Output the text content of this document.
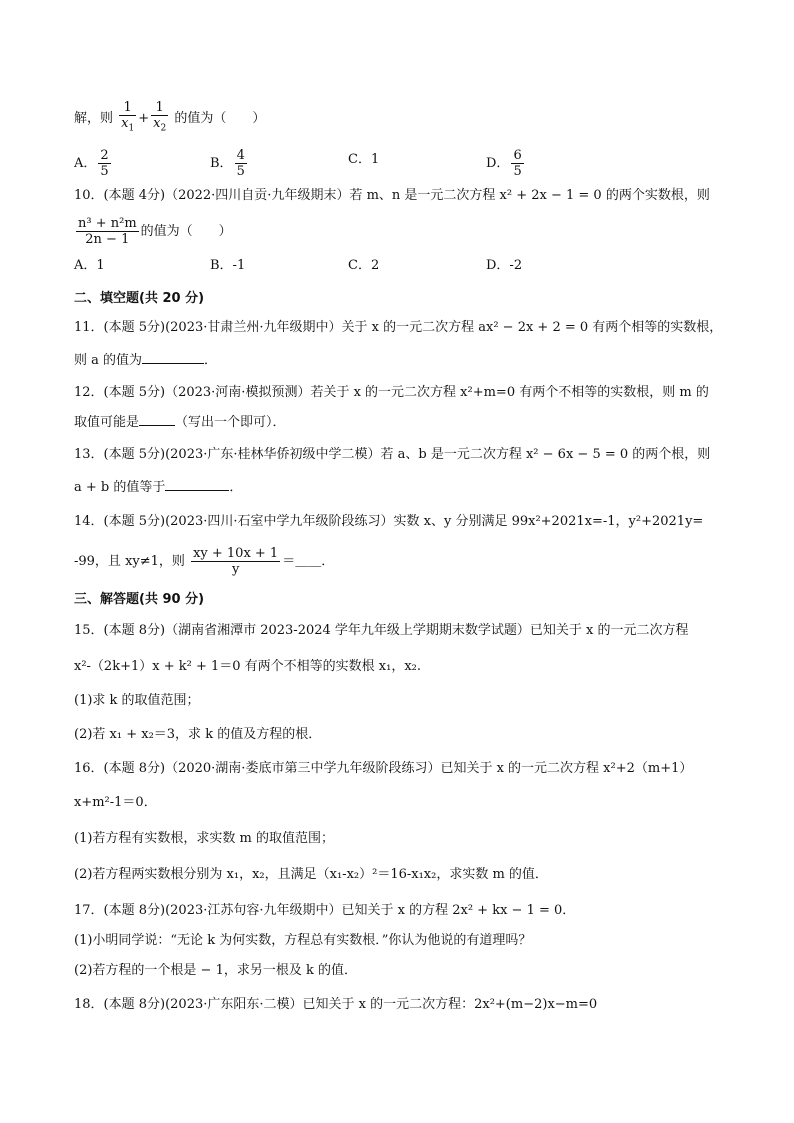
解，则 $\frac{1}{x_1} + \frac{1}{x_2}$ 的值为（　　）
A． $\frac{2}{5}$	B． $\frac{4}{5}$	C．1	D． $\frac{6}{5}$
10．(本题 4分)（2022·四川自贡·九年级期末）若 m、n 是一元二次方程 x² + 2x − 1 = 0 的两个实数根，则
$\frac{\text{n³ + n²m}}{2n - 1}$ 的值为（　　）
A．1	B．-1	C．2	D．-2
二、填空题(共 20 分)
11．(本题 5分)(2023·甘肃兰州·九年级期中）关于 x 的一元二次方程 ax² − 2x + 2 = 0 有两个相等的实数根，
则 a 的值为	．
12．(本题 5分)（2023·河南·模拟预测）若关于 x 的一元二次方程 x²+m=0 有两个不相等的实数根，则 m 的
取值可能是	（写出一个即可）．
13．(本题 5分)(2023·广东·桂林华侨初级中学二模）若 a、b 是一元二次方程 x² − 6x − 5 = 0 的两个根，则
a + b 的值等于	．
14．(本题 5分)(2023·四川·石室中学九年级阶段练习）实数 x、y 分别满足 99x²+2021x=-1，y²+2021y=
-99，且 xy≠1，则 $\frac{xy + 10x + 1}{y}$ ＝＿＿．
三、解答题(共 90 分)
15．(本题 8分)（湖南省湘潭市 2023-2024 学年九年级上学期期末数学试题）已知关于 x 的一元二次方程
x²-（2k+1）x + k² + 1＝0 有两个不相等的实数根 x₁，x₂.
(1)求 k 的取值范围；
(2)若 x₁ + x₂＝3，求 k 的值及方程的根．
16．(本题 8分)（2020·湖南·娄底市第三中学九年级阶段练习）已知关于 x 的一元二次方程 x²+2（m+1）
x+m²-1＝0．
(1)若方程有实数根，求实数 m 的取值范围；
(2)若方程两实数根分别为 x₁，x₂，且满足（x₁-x₂）²＝16-x₁x₂，求实数 m 的值．
17．(本题 8分)(2023·江苏句容·九年级期中）已知关于 x 的方程 2x² + kx − 1 = 0．
(1)小明同学说：“无论 k 为何实数，方程总有实数根．”你认为他说的有道理吗？
(2)若方程的一个根是 − 1，求另一根及 k 的值．
18．(本题 8分)(2023·广东阳东·二模）已知关于 x 的一元二次方程：2x²+(m−2)x−m=0
